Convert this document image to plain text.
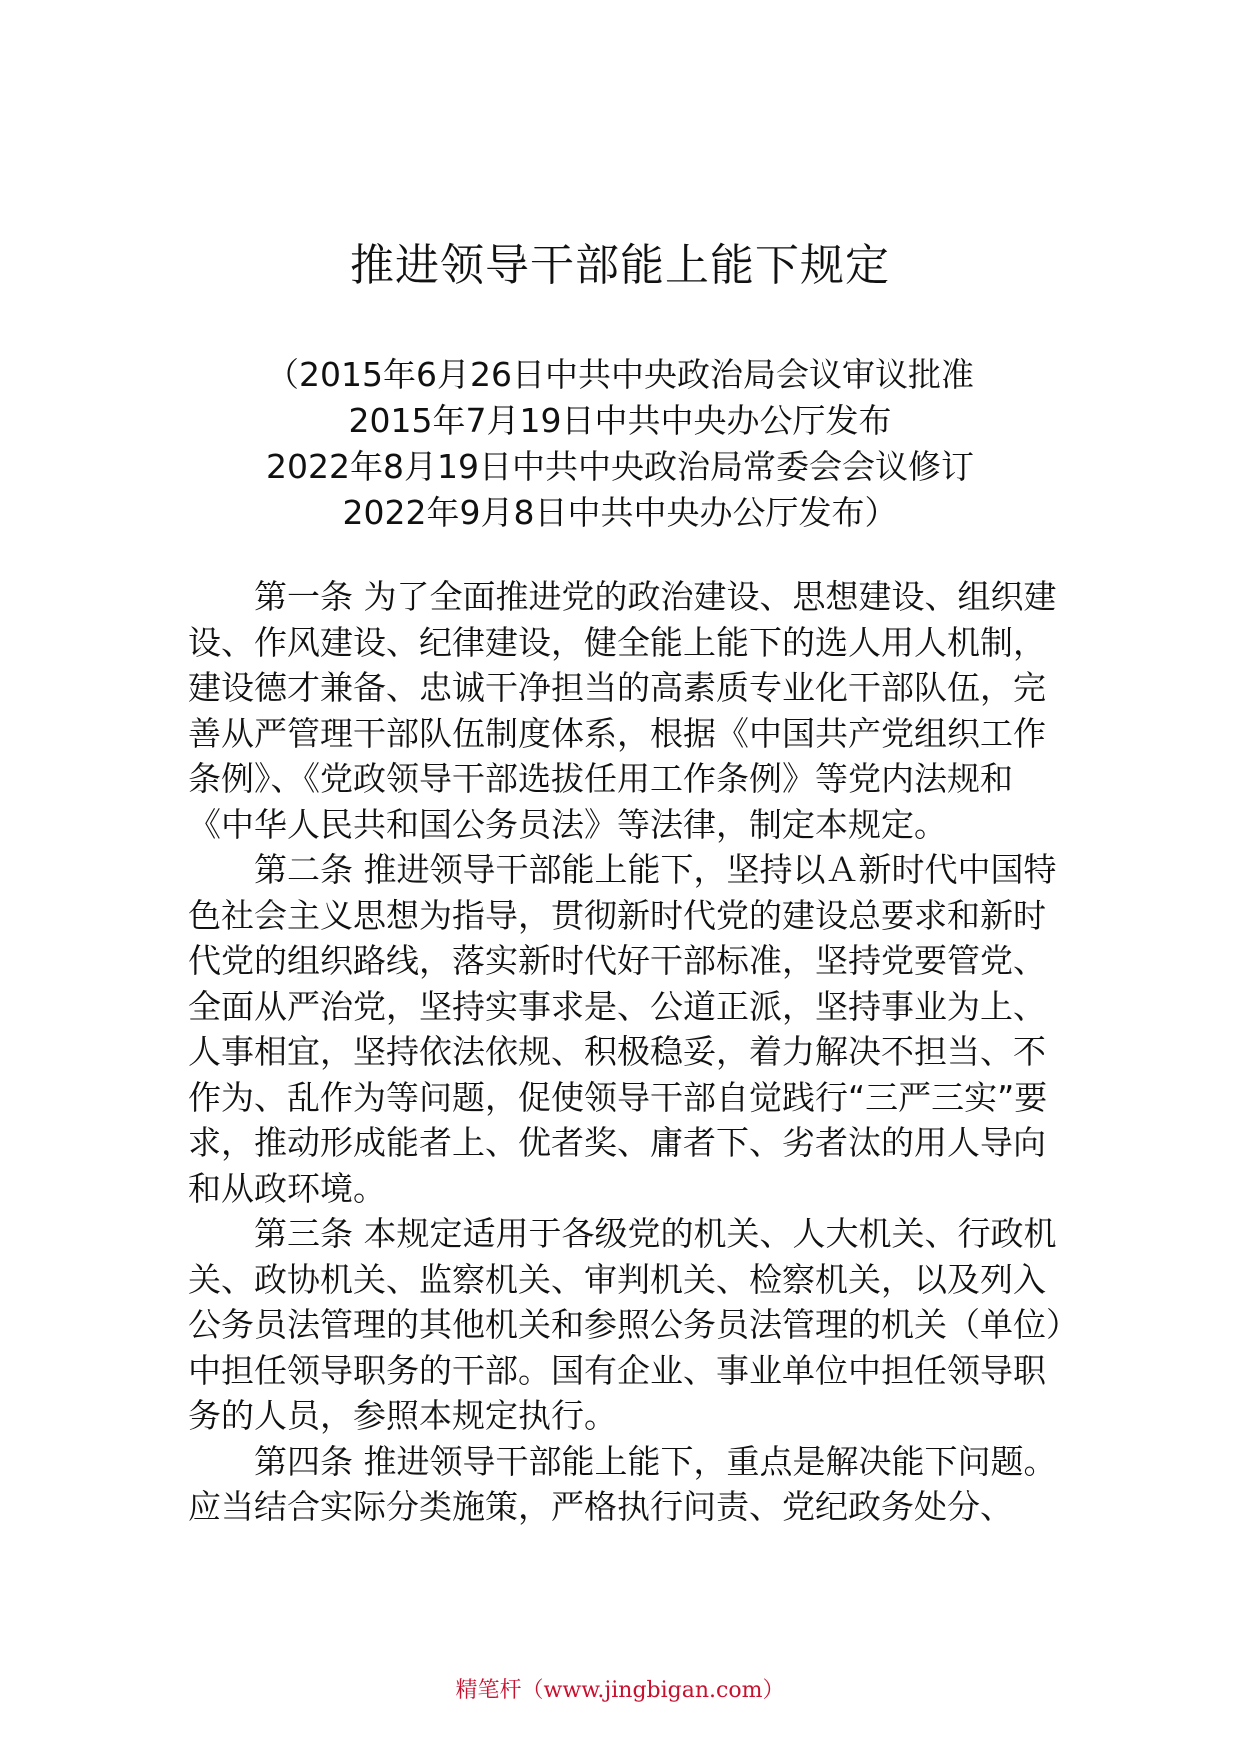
推进领导干部能上能下规定
（2015年6月26日中共中央政治局会议审议批准
2015年7月19日中共中央办公厅发布
2022年8月19日中共中央政治局常委会会议修订
2022年9月8日中共中央办公厅发布）

第一条 为了全面推进党的政治建设、思想建设、组织建设、作风建设、纪律建设，健全能上能下的选人用人机制，建设德才兼备、忠诚干净担当的高素质专业化干部队伍，完善从严管理干部队伍制度体系，根据《中国共产党组织工作条例》、《党政领导干部选拔任用工作条例》等党内法规和《中华人民共和国公务员法》等法律，制定本规定。

第二条 推进领导干部能上能下，坚持以Ａ新时代中国特色社会主义思想为指导，贯彻新时代党的建设总要求和新时代党的组织路线，落实新时代好干部标准，坚持党要管党、全面从严治党，坚持实事求是、公道正派，坚持事业为上、人事相宜，坚持依法依规、积极稳妥，着力解决不担当、不作为、乱作为等问题，促使领导干部自觉践行“三严三实”要求，推动形成能者上、优者奖、庸者下、劣者汰的用人导向和从政环境。

第三条 本规定适用于各级党的机关、人大机关、行政机关、政协机关、监察机关、审判机关、检察机关，以及列入公务员法管理的其他机关和参照公务员法管理的机关（单位）中担任领导职务的干部。国有企业、事业单位中担任领导职务的人员，参照本规定执行。

第四条 推进领导干部能上能下，重点是解决能下问题。应当结合实际分类施策，严格执行问责、党纪政务处分、

精笔杆（www.jingbigan.com）
